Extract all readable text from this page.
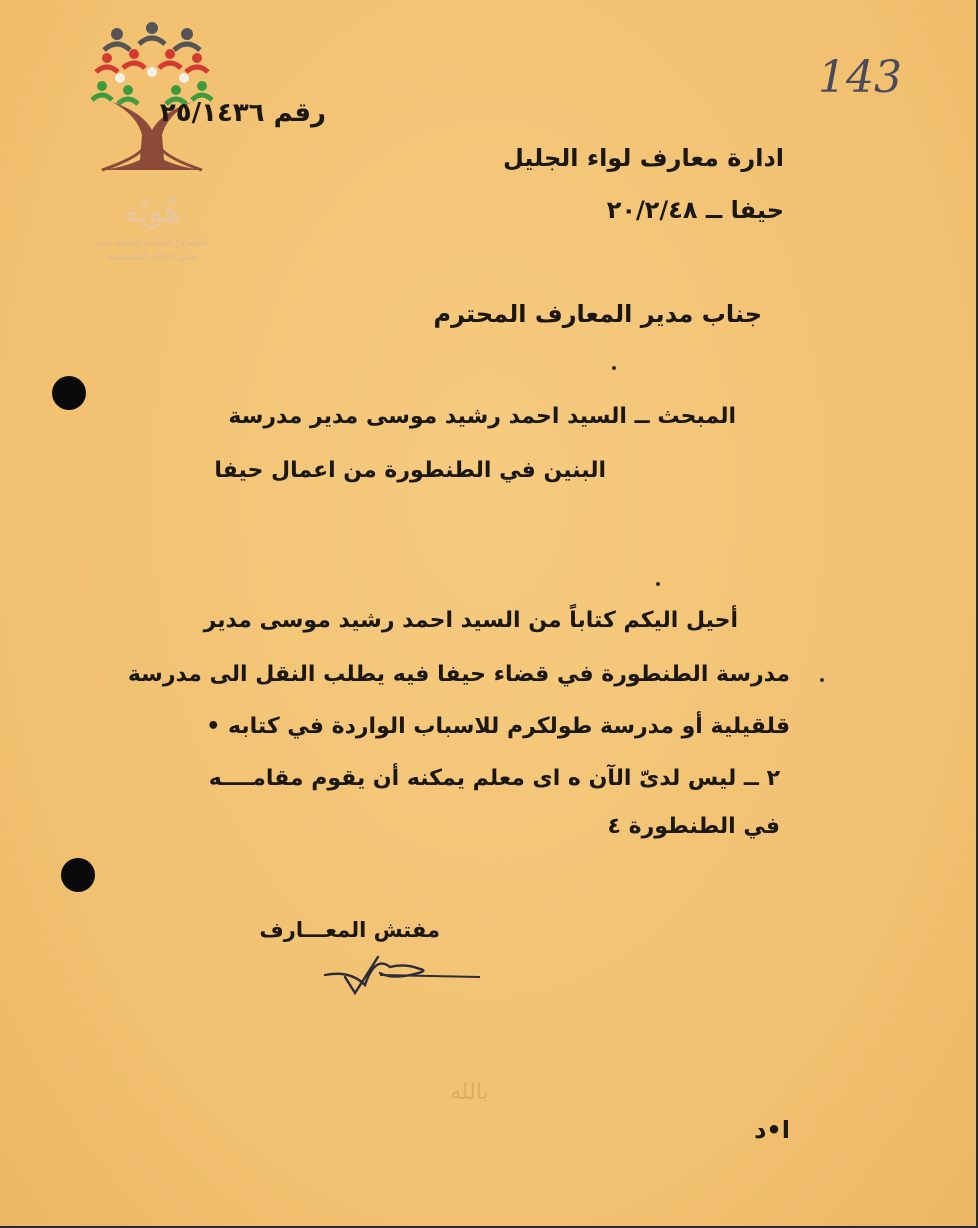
هُويّة
المشروع الوطني للحفاظ على
جذور العائلة الفلسطينية
143
رقم ٢٥/١٤٣٦
ادارة معارف لواء الجليل
حيفا ــ ٢٠/٢/٤٨
جناب مدير المعارف المحترم
المبحث ــ السيد احمد رشيد موسى مدير مدرسة
البنين في الطنطورة من اعمال حيفا
أحيل اليكم كتاباً من السيد احمد رشيد موسى مدير
مدرسة الطنطورة في قضاء حيفا فيه يطلب النقل الى مدرسة
قلقيلية أو مدرسة طولكرم للاسباب الواردة في كتابه •
٢ ــ ليس لدىّ الآن ه اى معلم يمكنه أن يقوم مقامــــه
في الطنطورة ٤
مفتش المعـــارف
بالله
ا•د
